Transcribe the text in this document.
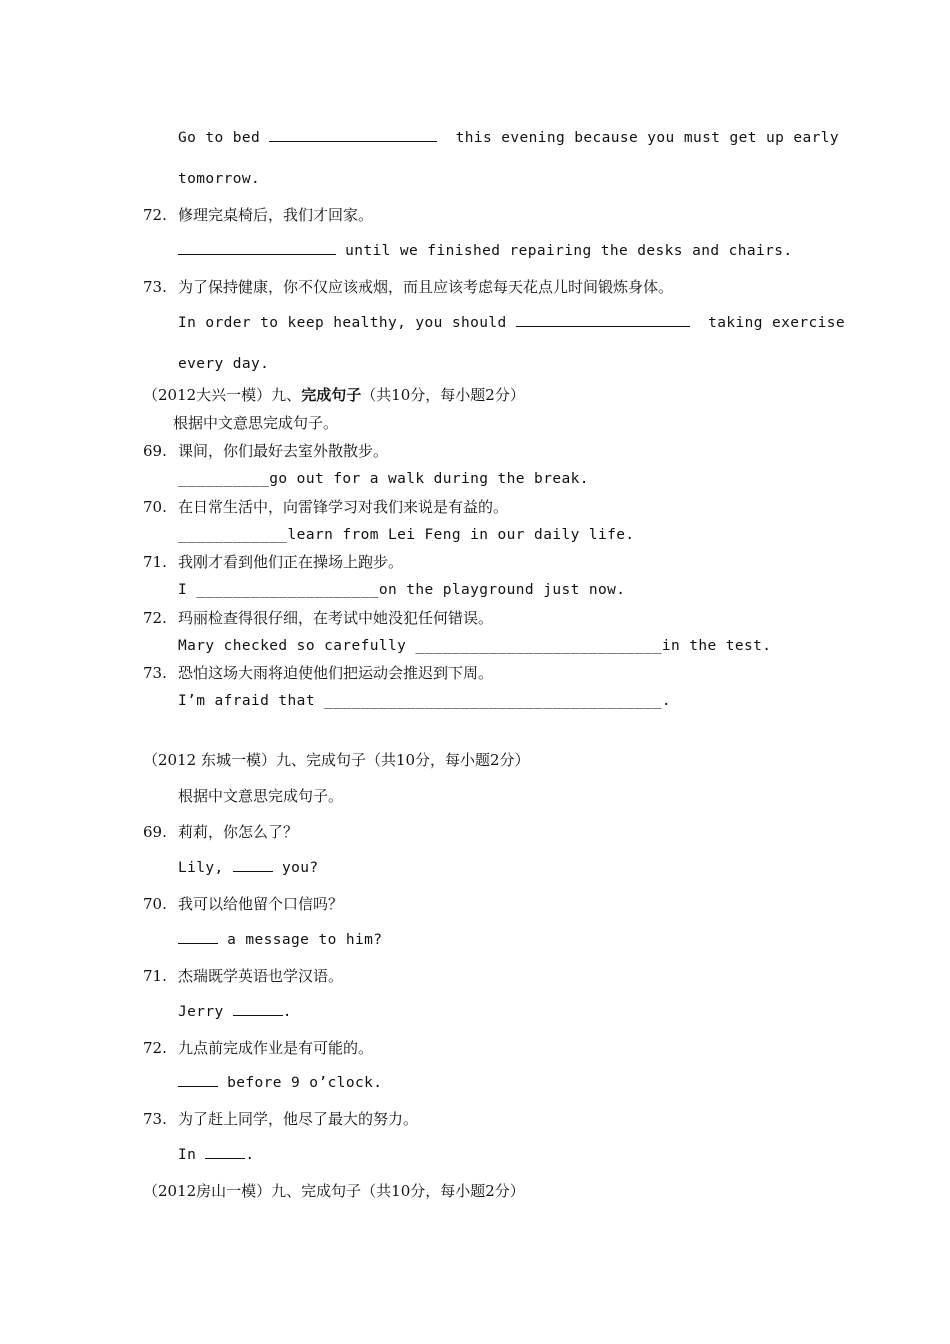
Go to bed	this evening because you must get up early
tomorrow.
72. 修理完桌椅后，我们才回家。
until we finished repairing the desks and chairs.
73. 为了保持健康，你不仅应该戒烟，而且应该考虑每天花点儿时间锻炼身体。
In order to keep healthy, you should	taking exercise
every day.
（2012大兴一模）九、完成句子（共10分，每小题2分）
根据中文意思完成句子。
69. 课间，你们最好去室外散散步。
__________go out for a walk during the break.
70. 在日常生活中，向雷锋学习对我们来说是有益的。
____________learn from Lei Feng in our daily life.
71. 我刚才看到他们正在操场上跑步。
I ____________________on the playground just now.
72. 玛丽检查得很仔细，在考试中她没犯任何错误。
Mary checked so carefully ___________________________in the test.
73. 恐怕这场大雨将迫使他们把运动会推迟到下周。
I’m afraid that _____________________________________.
（2012 东城一模）九、完成句子（共10分，每小题2分）
根据中文意思完成句子。
69. 莉莉，你怎么了？
Lily,	you?
70. 我可以给他留个口信吗？
a message to him?
71. 杰瑞既学英语也学汉语。
Jerry	.
72. 九点前完成作业是有可能的。
before 9 o’clock.
73. 为了赶上同学，他尽了最大的努力。
In	.
（2012房山一模）九、完成句子（共10分，每小题2分）
